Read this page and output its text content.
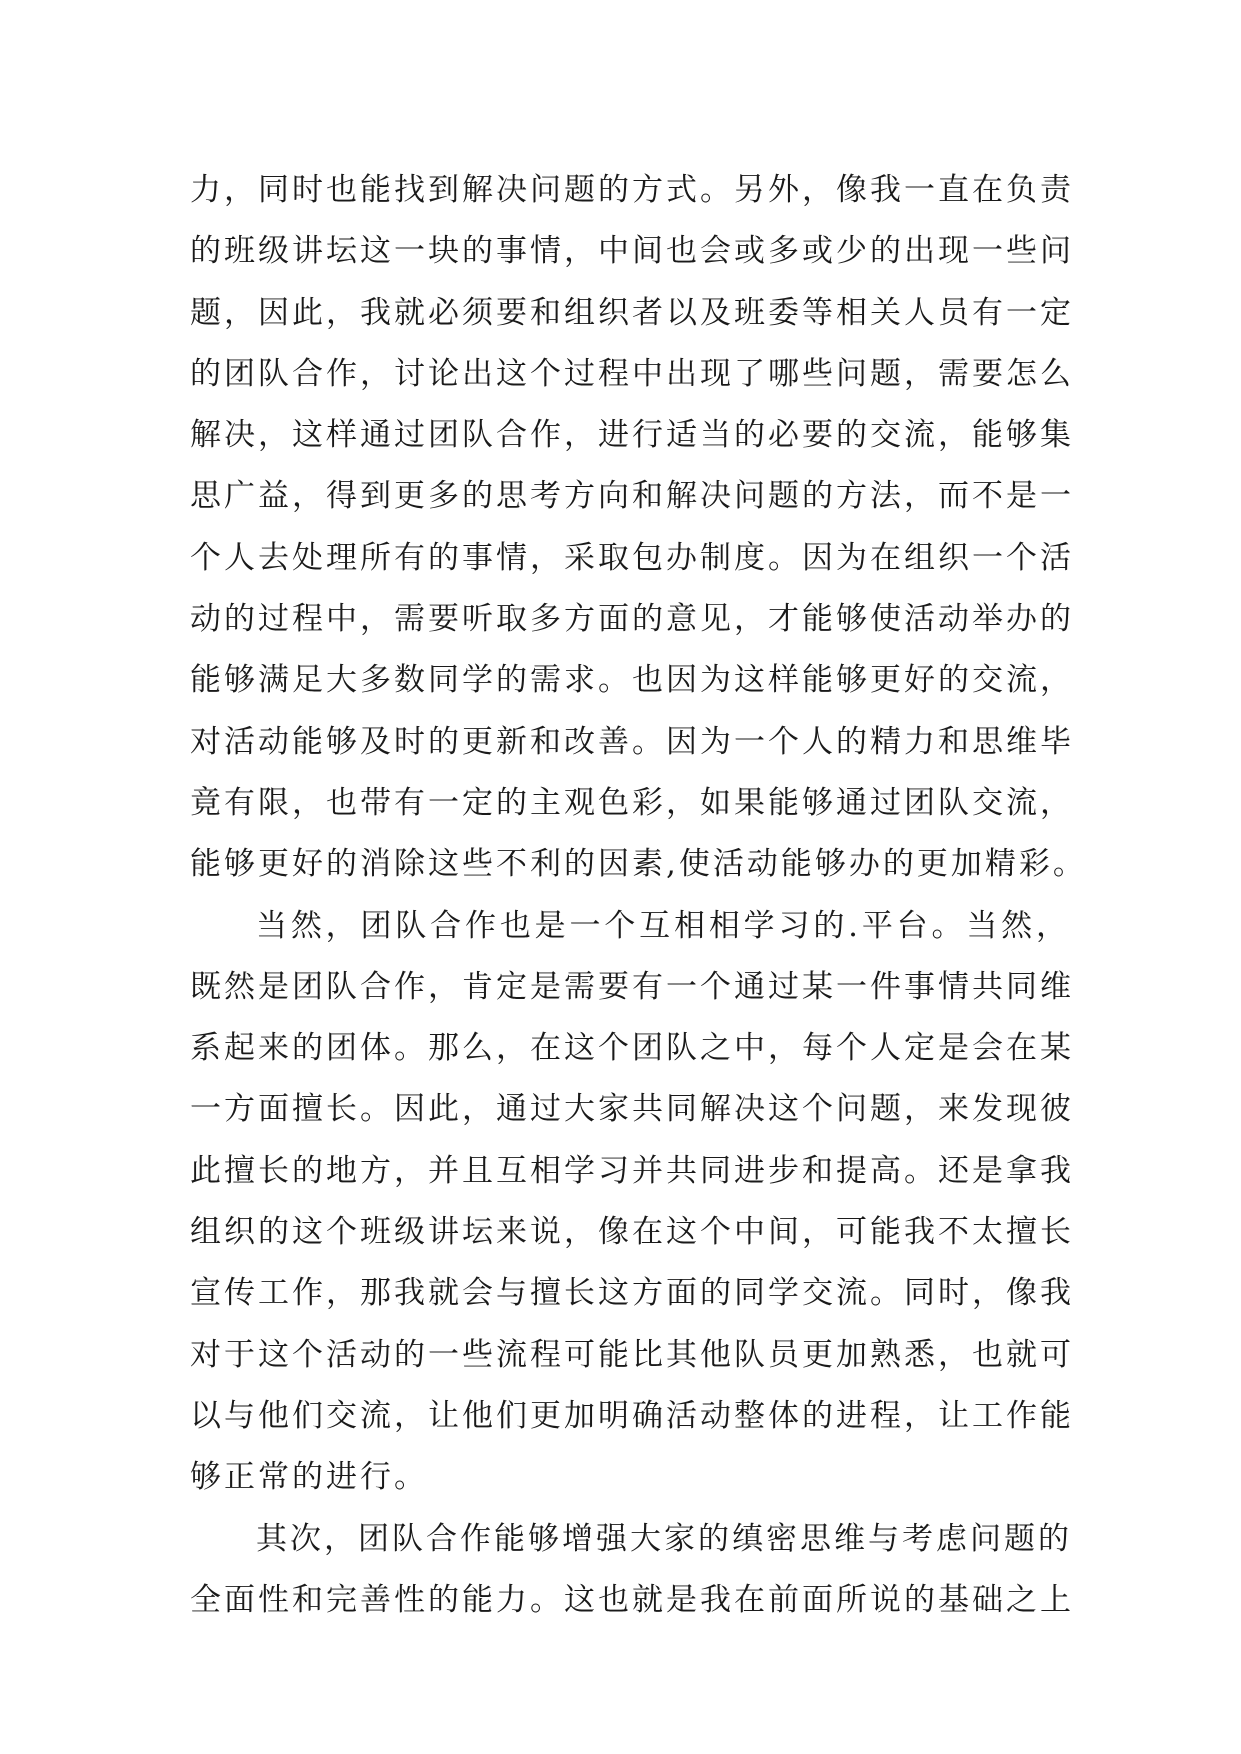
力，同时也能找到解决问题的方式。另外，像我一直在负责
的班级讲坛这一块的事情，中间也会或多或少的出现一些问
题，因此，我就必须要和组织者以及班委等相关人员有一定
的团队合作，讨论出这个过程中出现了哪些问题，需要怎么
解决，这样通过团队合作，进行适当的必要的交流，能够集
思广益，得到更多的思考方向和解决问题的方法，而不是一
个人去处理所有的事情，采取包办制度。因为在组织一个活
动的过程中，需要听取多方面的意见，才能够使活动举办的
能够满足大多数同学的需求。也因为这样能够更好的交流，
对活动能够及时的更新和改善。因为一个人的精力和思维毕
竟有限，也带有一定的主观色彩，如果能够通过团队交流，
能够更好的消除这些不利的因素,使活动能够办的更加精彩。
当然，团队合作也是一个互相相学习的.平台。当然，
既然是团队合作，肯定是需要有一个通过某一件事情共同维
系起来的团体。那么，在这个团队之中，每个人定是会在某
一方面擅长。因此，通过大家共同解决这个问题，来发现彼
此擅长的地方，并且互相学习并共同进步和提高。还是拿我
组织的这个班级讲坛来说，像在这个中间，可能我不太擅长
宣传工作，那我就会与擅长这方面的同学交流。同时，像我
对于这个活动的一些流程可能比其他队员更加熟悉，也就可
以与他们交流，让他们更加明确活动整体的进程，让工作能
够正常的进行。
其次，团队合作能够增强大家的缜密思维与考虑问题的
全面性和完善性的能力。这也就是我在前面所说的基础之上
